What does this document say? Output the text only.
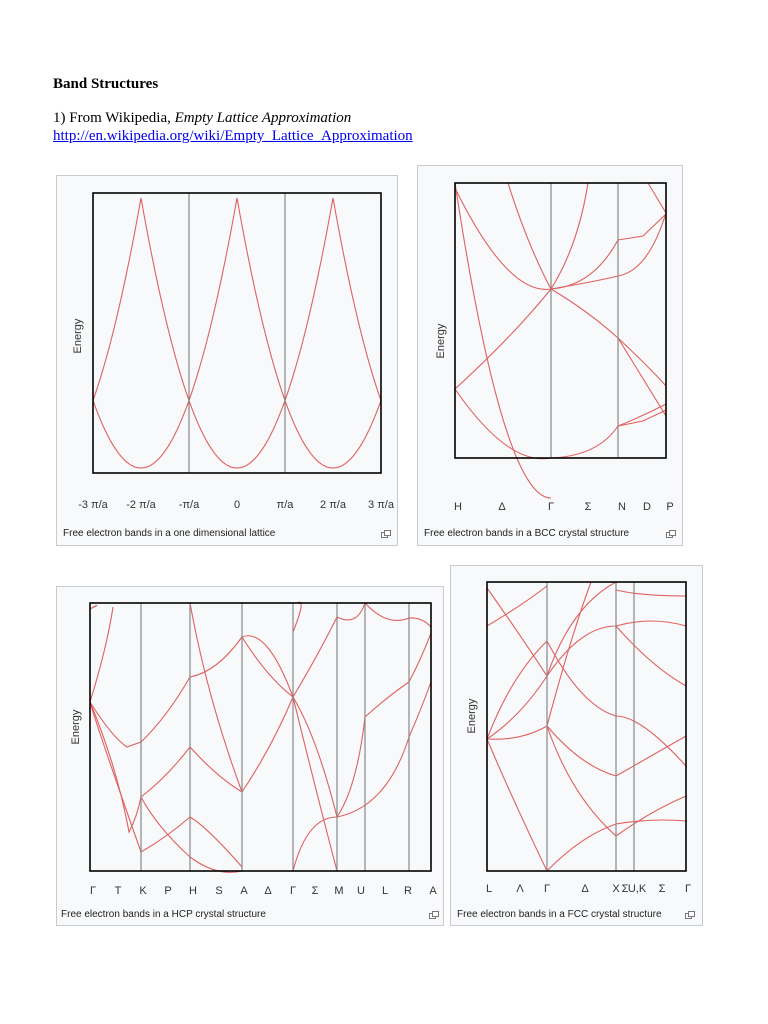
Band Structures
1) From Wikipedia, Empty Lattice Approximation
http://en.wikipedia.org/wiki/Empty_Lattice_Approximation
-3 π/a -2 π/a -π/a	0	π/a 2 π/a 3 π/a
Energy
Free electron bands in a one dimensional lattice
H	Δ	Γ	Σ N D P
Energy
Free electron bands in a BCC crystal structure
Γ T K P H S A Δ Γ Σ M U L R A
Energy
Free electron bands in a HCP crystal structure
L Λ Γ	Δ X Σ U,K Σ Γ
Energy
Free electron bands in a FCC crystal structure
